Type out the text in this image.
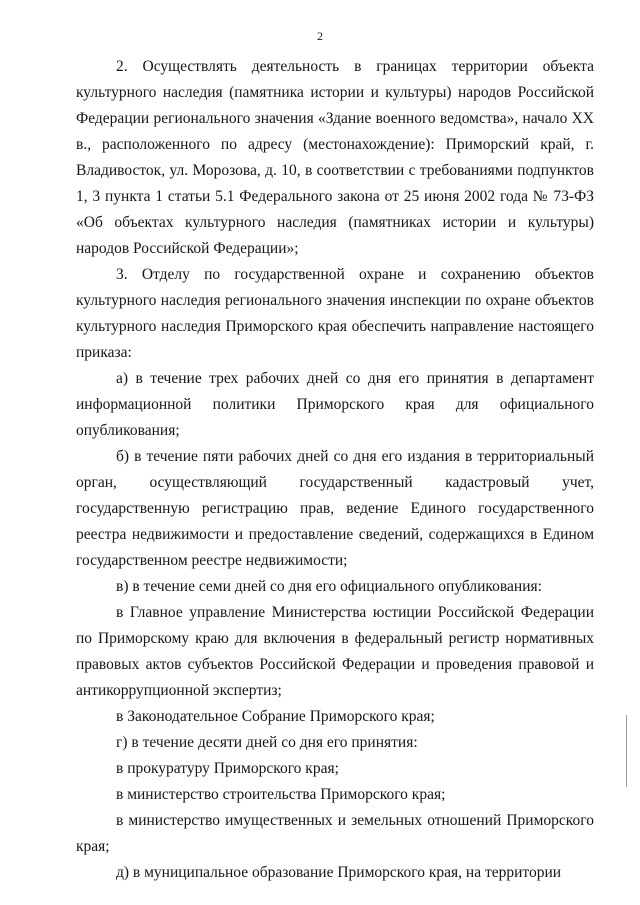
2

2. Осуществлять деятельность в границах территории объекта культурного наследия (памятника истории и культуры) народов Российской Федерации регионального значения «Здание военного ведомства», начало XX в., расположенного по адресу (местонахождение): Приморский край, г. Владивосток, ул. Морозова, д. 10, в соответствии с требованиями подпунктов 1, 3 пункта 1 статьи 5.1 Федерального закона от 25 июня 2002 года № 73-ФЗ «Об объектах культурного наследия (памятниках истории и культуры) народов Российской Федерации»;

3. Отделу по государственной охране и сохранению объектов культурного наследия регионального значения инспекции по охране объектов культурного наследия Приморского края обеспечить направление настоящего приказа:

а) в течение трех рабочих дней со дня его принятия в департамент информационной политики Приморского края для официального опубликования;

б) в течение пяти рабочих дней со дня его издания в территориальный орган, осуществляющий государственный кадастровый учет, государственную регистрацию прав, ведение Единого государственного реестра недвижимости и предоставление сведений, содержащихся в Едином государственном реестре недвижимости;

в) в течение семи дней со дня его официального опубликования:

в Главное управление Министерства юстиции Российской Федерации по Приморскому краю для включения в федеральный регистр нормативных правовых актов субъектов Российской Федерации и проведения правовой и антикоррупционной экспертиз;

в Законодательное Собрание Приморского края;

г) в течение десяти дней со дня его принятия:

в прокуратуру Приморского края;

в министерство строительства Приморского края;

в министерство имущественных и земельных отношений Приморского края;

д) в муниципальное образование Приморского края, на территории
